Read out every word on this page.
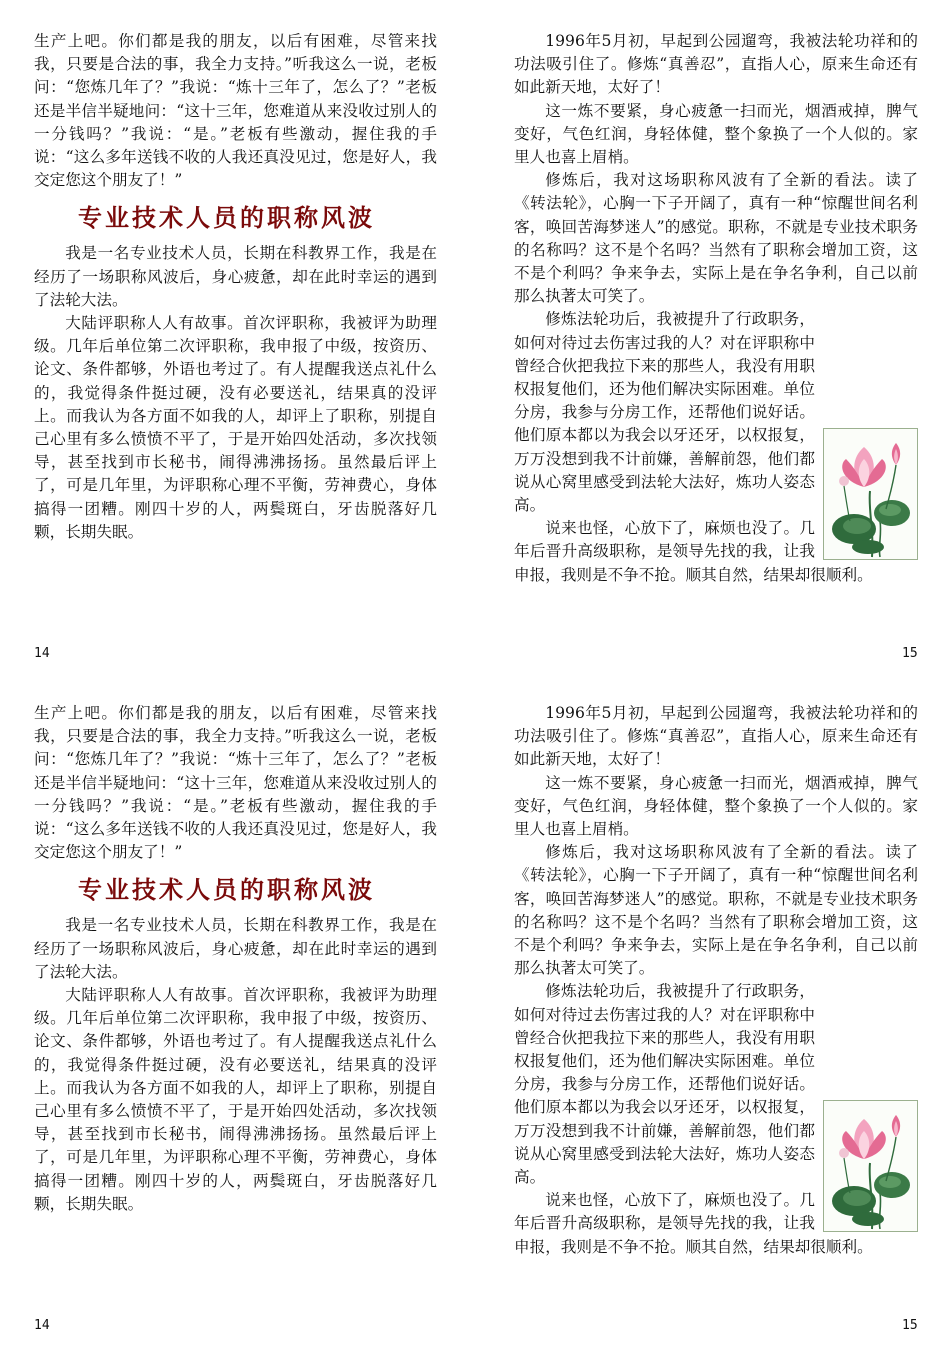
生产上吧。你们都是我的朋友，以后有困难，尽管来找我，只要是合法的事，我全力支持。”听我这么一说，老板问：“您炼几年了？”我说：“炼十三年了，怎么了？”老板还是半信半疑地问：“这十三年，您难道从来没收过别人的一分钱吗？”我说：“是。”老板有些激动，握住我的手说：“这么多年送钱不收的人我还真没见过，您是好人，我交定您这个朋友了！”

专业技术人员的职称风波

我是一名专业技术人员，长期在科教界工作，我是在经历了一场职称风波后，身心疲惫，却在此时幸运的遇到了法轮大法。

大陆评职称人人有故事。首次评职称，我被评为助理级。几年后单位第二次评职称，我申报了中级，按资历、论文、条件都够，外语也考过了。有人提醒我送点礼什么的，我觉得条件挺过硬，没有必要送礼，结果真的没评上。而我认为各方面不如我的人，却评上了职称，别提自己心里有多么愤愤不平了，于是开始四处活动，多次找领导，甚至找到市长秘书，闹得沸沸扬扬。虽然最后评上了，可是几年里，为评职称心理不平衡，劳神费心，身体搞得一团糟。刚四十岁的人，两鬓斑白，牙齿脱落好几颗，长期失眠。

14

1996年5月初，早起到公园遛弯，我被法轮功祥和的功法吸引住了。修炼“真善忍”，直指人心，原来生命还有如此新天地，太好了！

这一炼不要紧，身心疲惫一扫而光，烟酒戒掉，脾气变好，气色红润，身轻体健，整个象换了一个人似的。家里人也喜上眉梢。

修炼后，我对这场职称风波有了全新的看法。读了《转法轮》，心胸一下子开阔了，真有一种“惊醒世间名利客，唤回苦海梦迷人”的感觉。职称，不就是专业技术职务的名称吗？这不是个名吗？当然有了职称会增加工资，这不是个利吗？争来争去，实际上是在争名争利，自己以前那么执著太可笑了。

修炼法轮功后，我被提升了行政职务，如何对待过去伤害过我的人？对在评职称中曾经合伙把我拉下来的那些人，我没有用职权报复他们，还为他们解决实际困难。单位分房，我参与分房工作，还帮他们说好话。他们原本都以为我会以牙还牙，以权报复，万万没想到我不计前嫌，善解前怨，他们都说从心窝里感受到法轮大法好，炼功人姿态高。

说来也怪，心放下了，麻烦也没了。几年后晋升高级职称，是领导先找的我，让我申报，我则是不争不抢。顺其自然，结果却很顺利。

15

生产上吧。你们都是我的朋友，以后有困难，尽管来找我，只要是合法的事，我全力支持。”听我这么一说，老板问：“您炼几年了？”我说：“炼十三年了，怎么了？”老板还是半信半疑地问：“这十三年，您难道从来没收过别人的一分钱吗？”我说：“是。”老板有些激动，握住我的手说：“这么多年送钱不收的人我还真没见过，您是好人，我交定您这个朋友了！”

专业技术人员的职称风波

我是一名专业技术人员，长期在科教界工作，我是在经历了一场职称风波后，身心疲惫，却在此时幸运的遇到了法轮大法。

大陆评职称人人有故事。首次评职称，我被评为助理级。几年后单位第二次评职称，我申报了中级，按资历、论文、条件都够，外语也考过了。有人提醒我送点礼什么的，我觉得条件挺过硬，没有必要送礼，结果真的没评上。而我认为各方面不如我的人，却评上了职称，别提自己心里有多么愤愤不平了，于是开始四处活动，多次找领导，甚至找到市长秘书，闹得沸沸扬扬。虽然最后评上了，可是几年里，为评职称心理不平衡，劳神费心，身体搞得一团糟。刚四十岁的人，两鬓斑白，牙齿脱落好几颗，长期失眠。

14

1996年5月初，早起到公园遛弯，我被法轮功祥和的功法吸引住了。修炼“真善忍”，直指人心，原来生命还有如此新天地，太好了！

这一炼不要紧，身心疲惫一扫而光，烟酒戒掉，脾气变好，气色红润，身轻体健，整个象换了一个人似的。家里人也喜上眉梢。

修炼后，我对这场职称风波有了全新的看法。读了《转法轮》，心胸一下子开阔了，真有一种“惊醒世间名利客，唤回苦海梦迷人”的感觉。职称，不就是专业技术职务的名称吗？这不是个名吗？当然有了职称会增加工资，这不是个利吗？争来争去，实际上是在争名争利，自己以前那么执著太可笑了。

修炼法轮功后，我被提升了行政职务，如何对待过去伤害过我的人？对在评职称中曾经合伙把我拉下来的那些人，我没有用职权报复他们，还为他们解决实际困难。单位分房，我参与分房工作，还帮他们说好话。他们原本都以为我会以牙还牙，以权报复，万万没想到我不计前嫌，善解前怨，他们都说从心窝里感受到法轮大法好，炼功人姿态高。

说来也怪，心放下了，麻烦也没了。几年后晋升高级职称，是领导先找的我，让我申报，我则是不争不抢。顺其自然，结果却很顺利。

15
